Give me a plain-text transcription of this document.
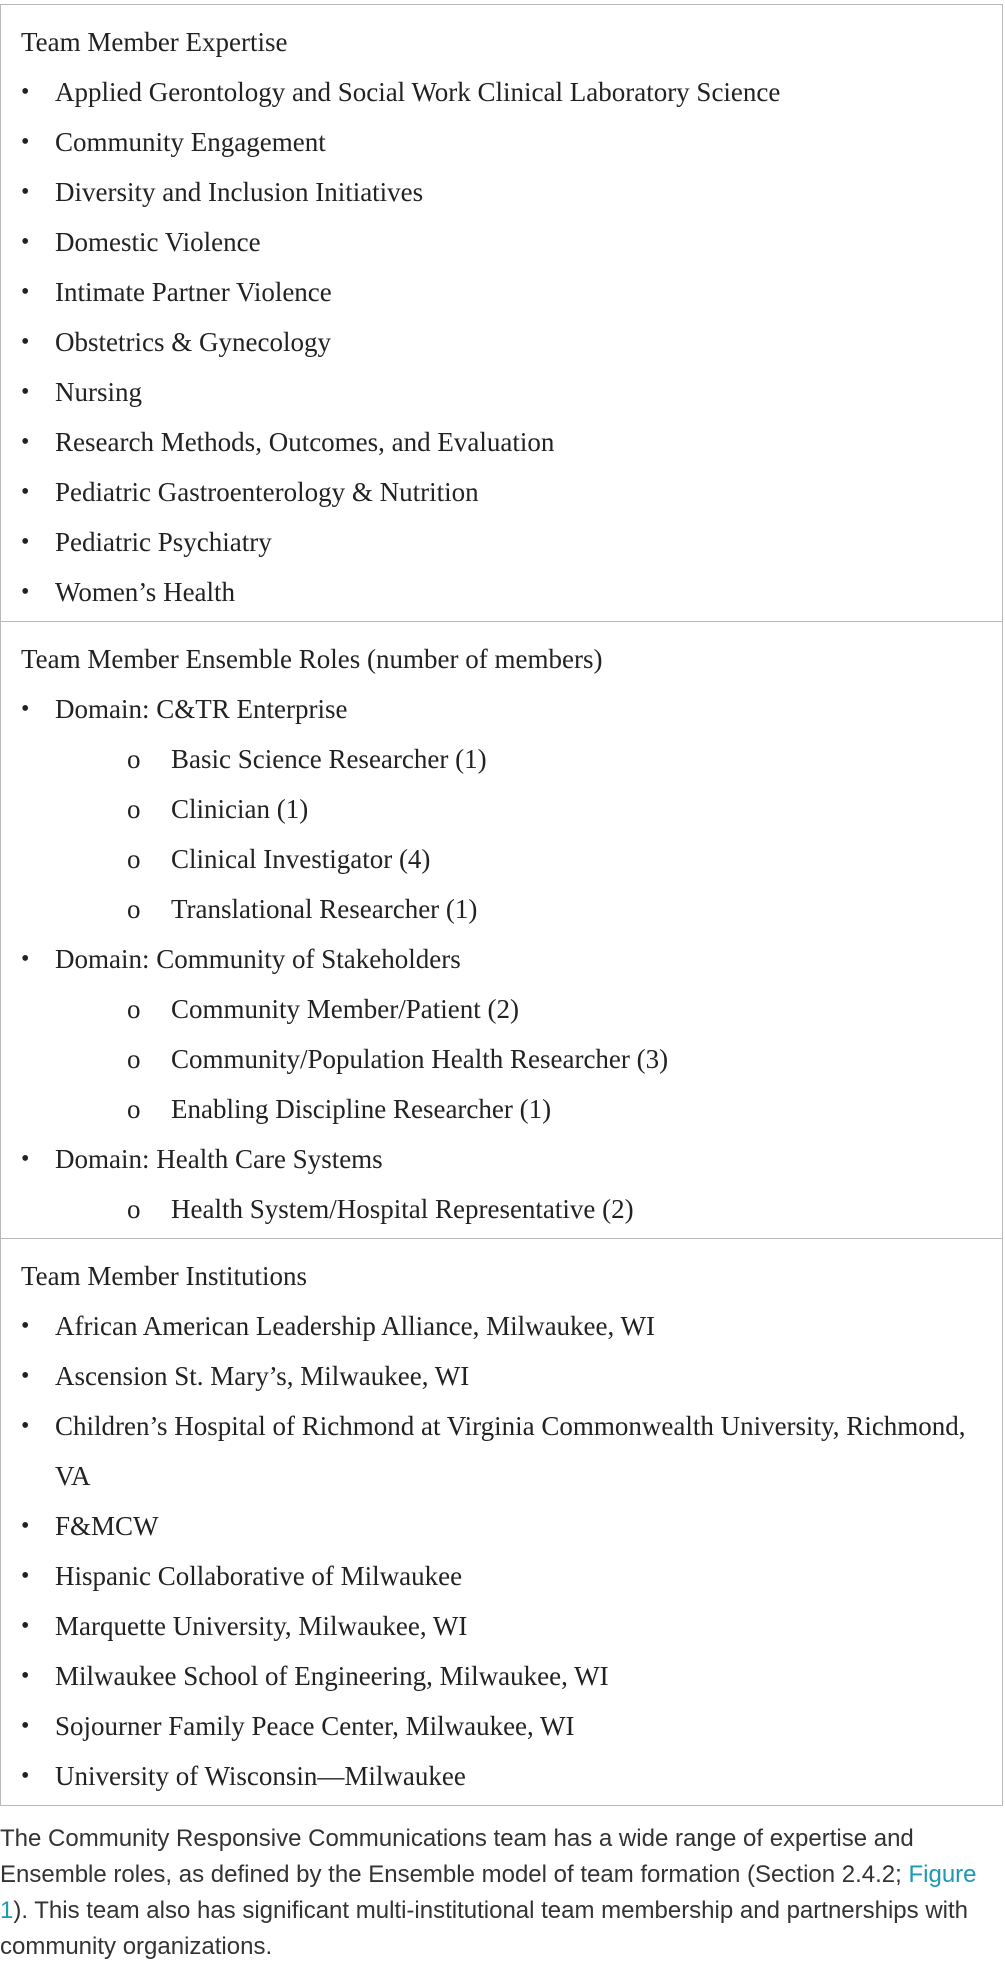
Team Member Expertise
• Applied Gerontology and Social Work Clinical Laboratory Science
• Community Engagement
• Diversity and Inclusion Initiatives
• Domestic Violence
• Intimate Partner Violence
• Obstetrics & Gynecology
• Nursing
• Research Methods, Outcomes, and Evaluation
• Pediatric Gastroenterology & Nutrition
• Pediatric Psychiatry
• Women’s Health
Team Member Ensemble Roles (number of members)
• Domain: C&TR Enterprise
o Basic Science Researcher (1)
o Clinician (1)
o Clinical Investigator (4)
o Translational Researcher (1)
• Domain: Community of Stakeholders
o Community Member/Patient (2)
o Community/Population Health Researcher (3)
o Enabling Discipline Researcher (1)
• Domain: Health Care Systems
o Health System/Hospital Representative (2)
Team Member Institutions
• African American Leadership Alliance, Milwaukee, WI
• Ascension St. Mary’s, Milwaukee, WI
• Children’s Hospital of Richmond at Virginia Commonwealth University, Richmond, VA
• F&MCW
• Hispanic Collaborative of Milwaukee
• Marquette University, Milwaukee, WI
• Milwaukee School of Engineering, Milwaukee, WI
• Sojourner Family Peace Center, Milwaukee, WI
• University of Wisconsin—Milwaukee

The Community Responsive Communications team has a wide range of expertise and Ensemble roles, as defined by the Ensemble model of team formation (Section 2.4.2; Figure 1). This team also has significant multi-institutional team membership and partnerships with community organizations.
